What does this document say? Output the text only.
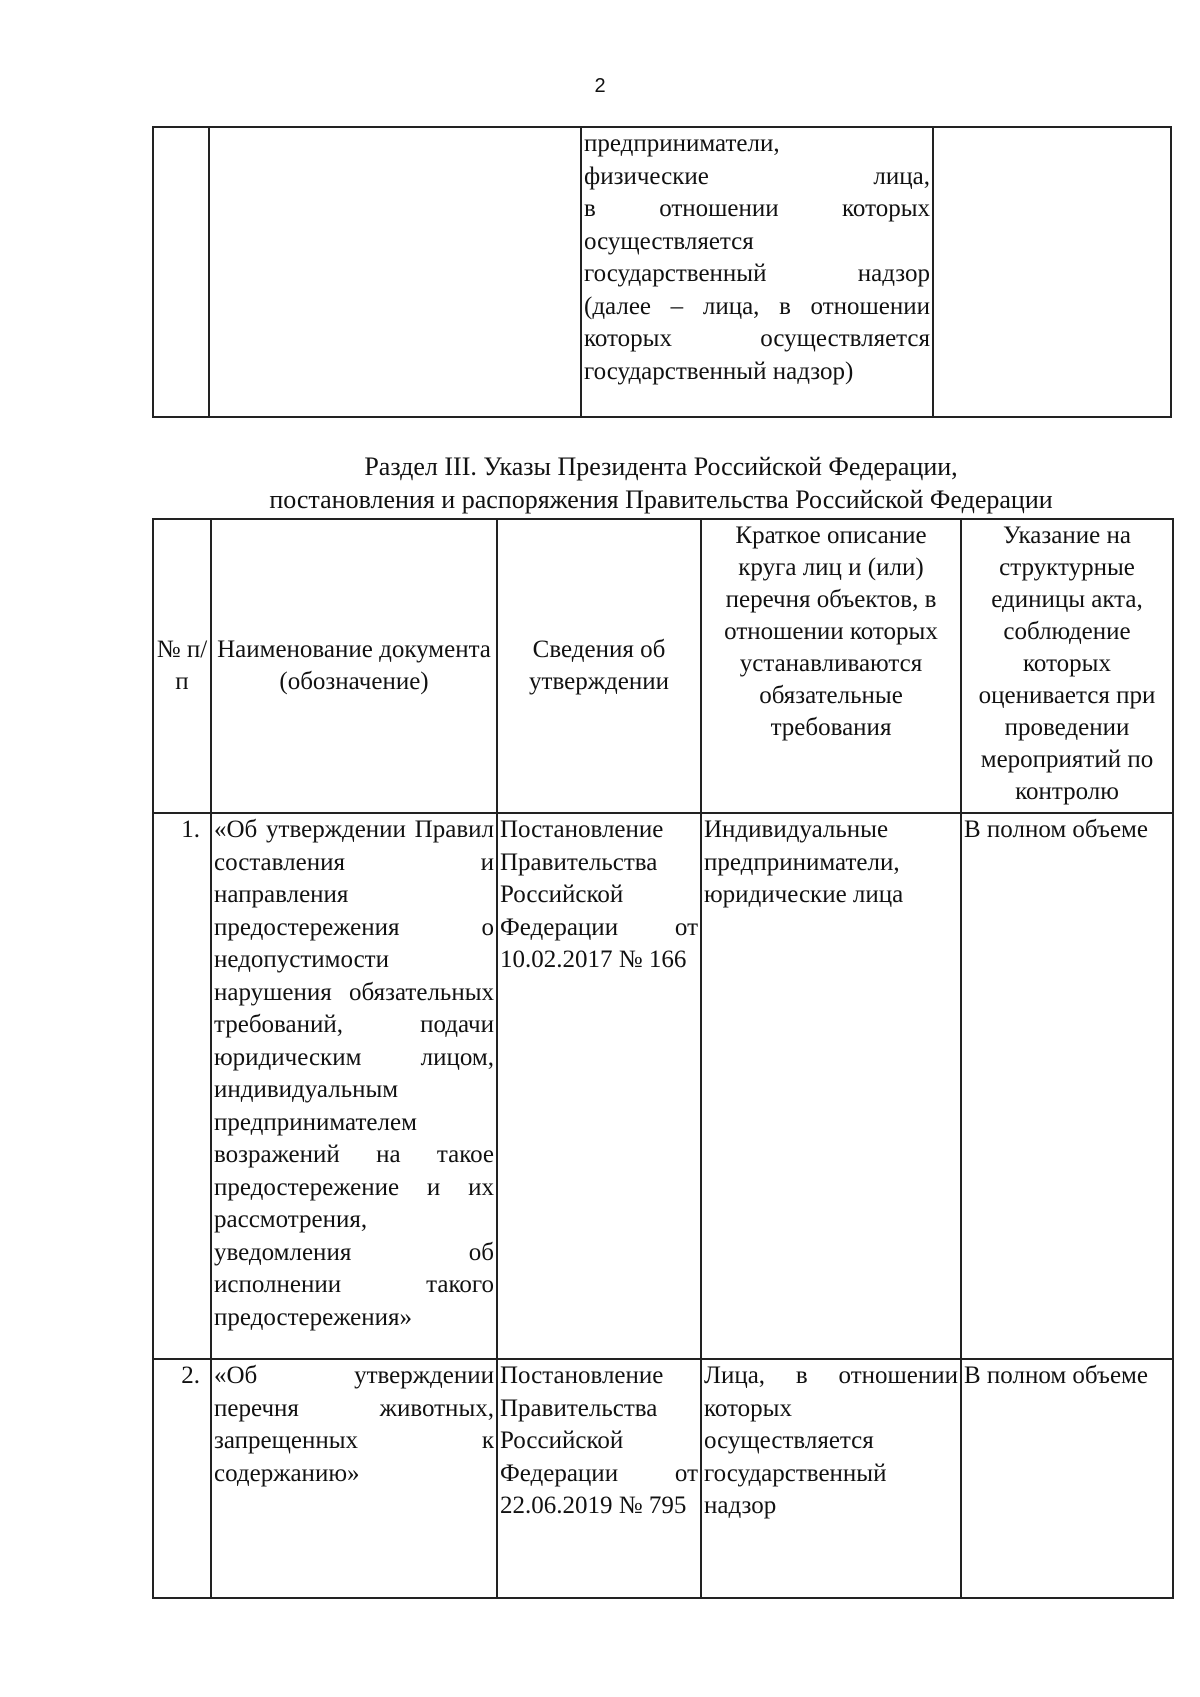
2

предприниматели,
физические лица,
в отношении которых
осуществляется
государственный надзор
(далее – лица, в отношении
которых осуществляется
государственный надзор)

Раздел III. Указы Президента Российской Федерации,
постановления и распоряжения Правительства Российской Федерации
№ п/п	Наименование документа (обозначение)	Сведения об утверждении	Краткое описание круга лиц и (или) перечня объектов, в отношении которых устанавливаются обязательные требования	Указание на структурные единицы акта, соблюдение которых оценивается при проведении мероприятий по контролю
1.	«Об утверждении Правил составления и направления предостережения о недопустимости нарушения обязательных требований, подачи юридическим лицом, индивидуальным предпринимателем возражений на такое предостережение и их рассмотрения, уведомления об исполнении такого предостережения»	Постановление Правительства Российской Федерации от 10.02.2017 № 166	Индивидуальные предприниматели, юридические лица	В полном объеме
2.	«Об утверждении перечня животных, запрещенных к содержанию»	Постановление Правительства Российской Федерации от 22.06.2019 № 795	Лица, в отношении которых осуществляется государственный надзор	В полном объеме
